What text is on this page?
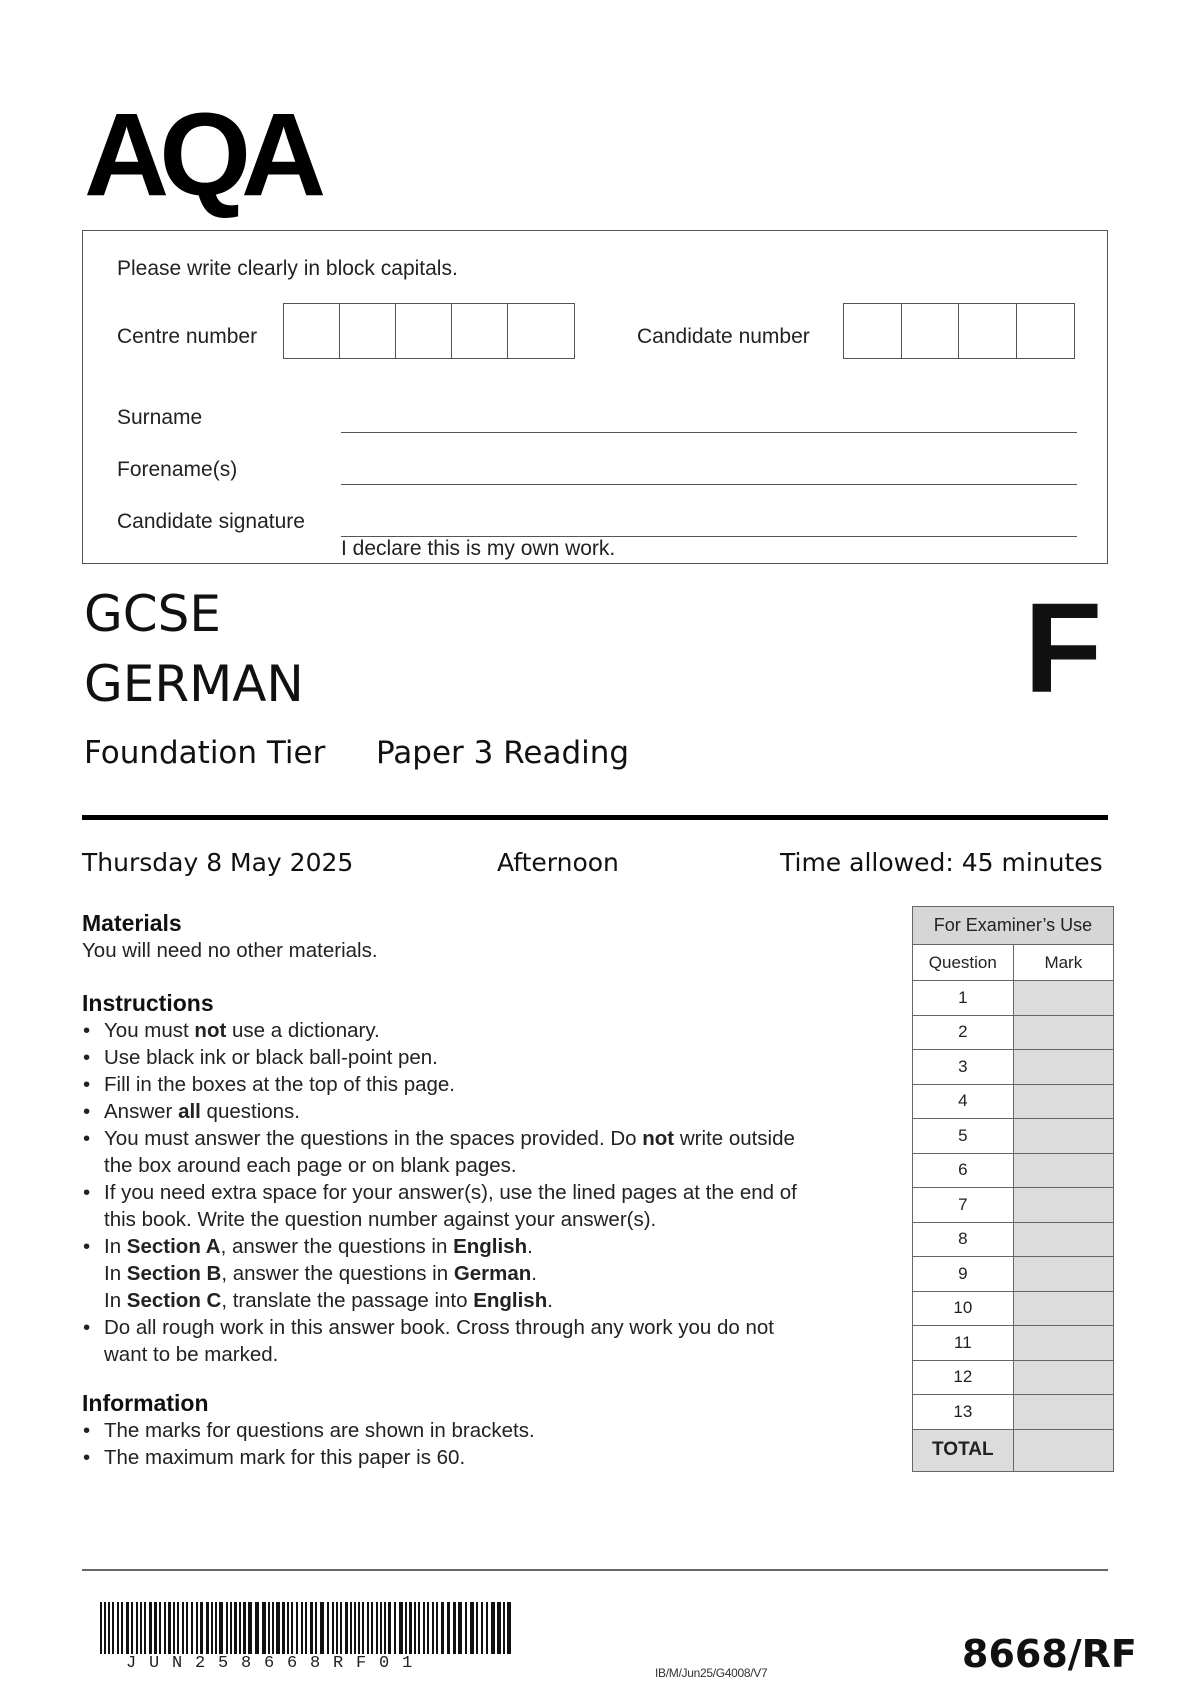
AQA
Please write clearly in block capitals.
Centre number	Candidate number
Surname
Forename(s)
Candidate signature
I declare this is my own work.
GCSE
GERMAN
Foundation Tier Paper 3 Reading
F
Thursday 8 May 2025	Afternoon	Time allowed: 45 minutes
Materials
You will need no other materials.
Instructions
• You must not use a dictionary.
• Use black ink or black ball-point pen.
• Fill in the boxes at the top of this page.
• Answer all questions.
• You must answer the questions in the spaces provided. Do not write outside
the box around each page or on blank pages.
• If you need extra space for your answer(s), use the lined pages at the end of
this book. Write the question number against your answer(s).
• In Section A, answer the questions in English.
In Section B, answer the questions in German.
In Section C, translate the passage into English.
• Do all rough work in this answer book. Cross through any work you do not
want to be marked.
Information
• The marks for questions are shown in brackets.
• The maximum mark for this paper is 60.
For Examiner’s Use	
Question	Mark
1	
2	
3	
4	
5	
6	
7	
8	
9	
10	
11	
12	
13	
TOTAL	
JUN258668RF01	IB/M/Jun25/G4008/V7	8668/RF
